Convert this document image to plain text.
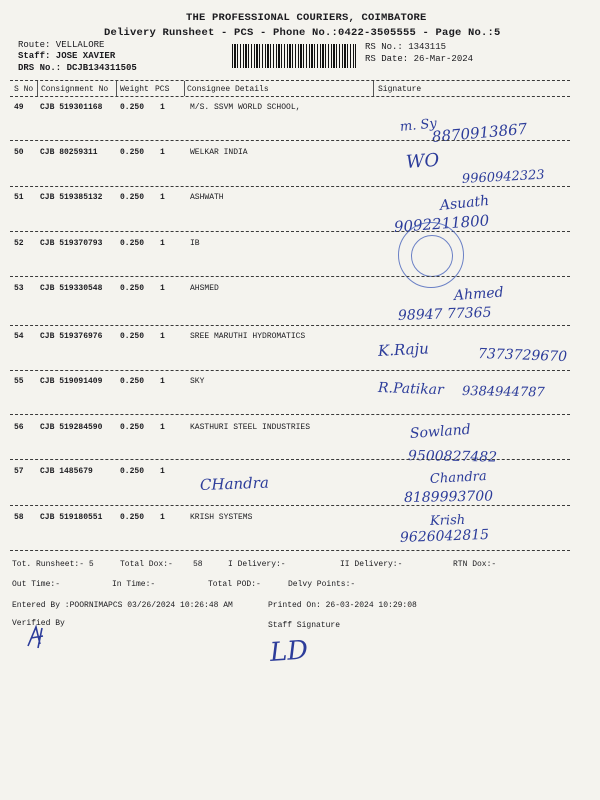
THE PROFESSIONAL COURIERS, COIMBATORE
Delivery Runsheet - PCS - Phone No.:0422-3505555 - Page No.:5
Route: VELLALORE
Staff: JOSE XAVIER
DRS No.: DCJB134311505
RS No.: 1343115
RS Date: 26-Mar-2024
S No Consignment No Weight PCS Consignee Details	Signature
49 CJB 519301168 0.250 1	M/S. SSVM WORLD SCHOOL,
m. Sy
8870913867
50 CJB 80259311	0.250 1	WELKAR INDIA	WO
9960942323
51 CJB 519385132 0.250 1	ASHWATH	Asuath
9092211800
52 CJB 519370793 0.250 1	IB
53 CJB 519330548 0.250 1	AHSMED	Ahmed
98947 77365
54 CJB 519376976 0.250 1	SREE MARUTHI HYDROMATICS
K.Raju	7373729670
55 CJB 519091409 0.250 1	SKY	R.Patikar 9384944787
56 CJB 519284590 0.250 1	KASTHURI STEEL INDUSTRIES	Sowland
9500827482
57 CJB 1485679	0.250 1
CHandra	Chandra
8189993700
58 CJB 519180551 0.250 1	KRISH SYSTEMS	Krish
9626042815
Tot. Runsheet:- 5	Total Dox:-	58	I Delivery:-	II Delivery:-	RTN Dox:-
Out Time:-	In Time:-	Total POD:-	Delvy Points:-
Entered By :POORNIMAPCS 03/26/2024 10:26:48 AM	Printed On: 26-03-2024 10:29:08
Verified By	Staff Signature
LD
